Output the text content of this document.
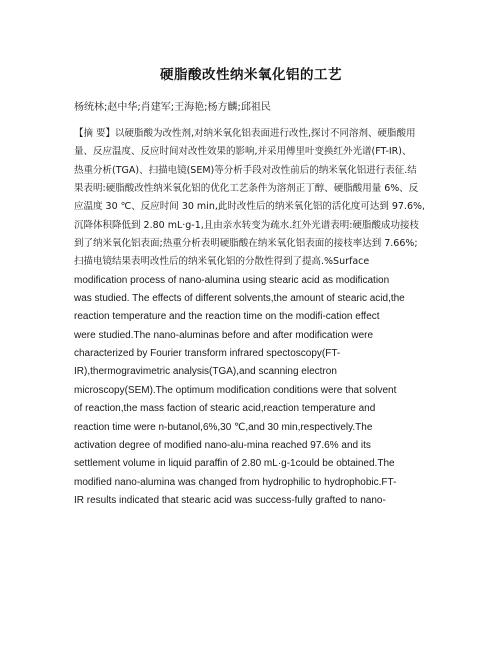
硬脂酸改性纳米氧化铝的工艺
杨统林;赵中华;肖建军;王海艳;杨方麟;邱祖民
【摘 要】以硬脂酸为改性剂,对纳米氧化铝表面进行改性,探讨不同溶剂、硬脂酸用
量、反应温度、反应时间对改性效果的影响,并采用傅里叶变换红外光谱(FT-IR)、
热重分析(TGA)、扫描电镜(SEM)等分析手段对改性前后的纳米氧化铝进行表征.结
果表明:硬脂酸改性纳米氧化铝的优化工艺条件为溶剂正丁醇、硬脂酸用量 6%、反
应温度 30 ℃、反应时间 30 min,此时改性后的纳米氧化铝的活化度可达到 97.6%,
沉降体积降低到 2.80 mL·g-1,且由亲水转变为疏水.红外光谱表明:硬脂酸成功接枝
到了纳米氧化铝表面;热重分析表明硬脂酸在纳米氧化铝表面的接枝率达到 7.66%;
扫描电镜结果表明改性后的纳米氧化铝的分散性得到了提高.%Surface
modification process of nano-alumina using stearic acid as modification
was studied. The effects of different solvents,the amount of stearic acid,the
reaction temperature and the reaction time on the modifi-cation effect
were studied.The nano-aluminas before and after modification were
characterized by Fourier transform infrared spectoscopy(FT-
IR),thermogravimetric analysis(TGA),and scanning electron
microscopy(SEM).The optimum modification conditions were that solvent
of reaction,the mass faction of stearic acid,reaction temperature and
reaction time were n-butanol,6%,30 ℃,and 30 min,respectively.The
activation degree of modified nano-alu-mina reached 97.6% and its
settlement volume in liquid paraffin of 2.80 mL·g-1could be obtained.The
modified nano-alumina was changed from hydrophilic to hydrophobic.FT-
IR results indicated that stearic acid was success-fully grafted to nano-
